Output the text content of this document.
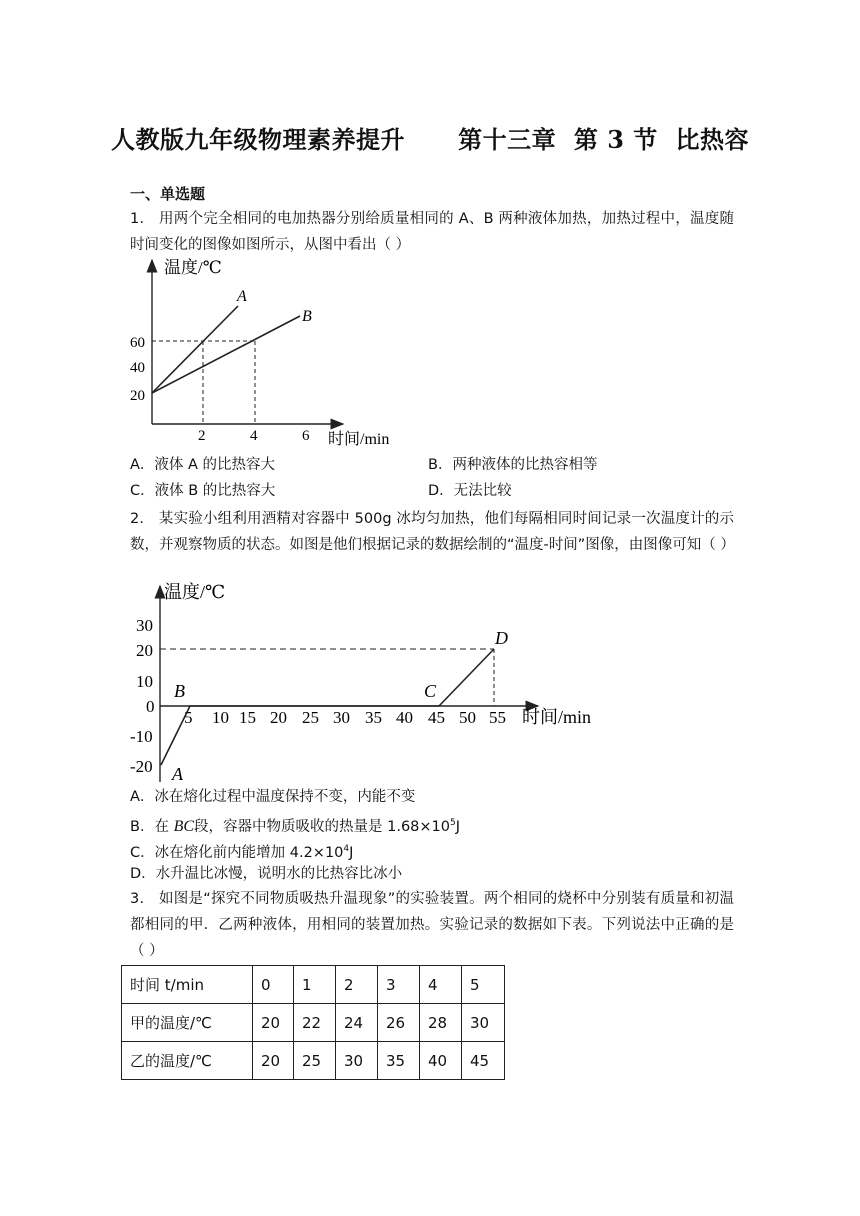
人教版九年级物理素养提升      第十三章  第 3 节  比热容
一、单选题
1． 用两个完全相同的电加热器分别给质量相同的 A、B 两种液体加热，加热过程中，温度随时间变化的图像如图所示，从图中看出（ ）
温度/℃
时间/min
60
40
20
2	4	6
A
B
A．液体 A 的比热容大	B．两种液体的比热容相等
C．液体 B 的比热容大	D．无法比较
2． 某实验小组利用酒精对容器中 500g 冰均匀加热，他们每隔相同时间记录一次温度计的示数，并观察物质的状态。如图是他们根据记录的数据绘制的“温度-时间”图像，由图像可知（ ）
温度/℃
时间/min
30
20
10
0
-10
-20
5 10 15 20 25 30 35 40 45 50 55
A
B	C
D
A．冰在熔化过程中温度保持不变，内能不变
B．在 BC段，容器中物质吸收的热量是 $1.68\times 10^5J$
C．冰在熔化前内能增加 $4.2\times 10^4J$
D．水升温比冰慢，说明水的比热容比冰小
3． 如图是“探究不同物质吸热升温现象”的实验装置。两个相同的烧杯中分别装有质量和初温都相同的甲．乙两种液体，用相同的装置加热。实验记录的数据如下表。下列说法中正确的是（ ）
时间 t/min	0	1	2	3	4	5
甲的温度/℃	20	22	24	26	28	30
乙的温度/℃	20	25	30	35	40	45
